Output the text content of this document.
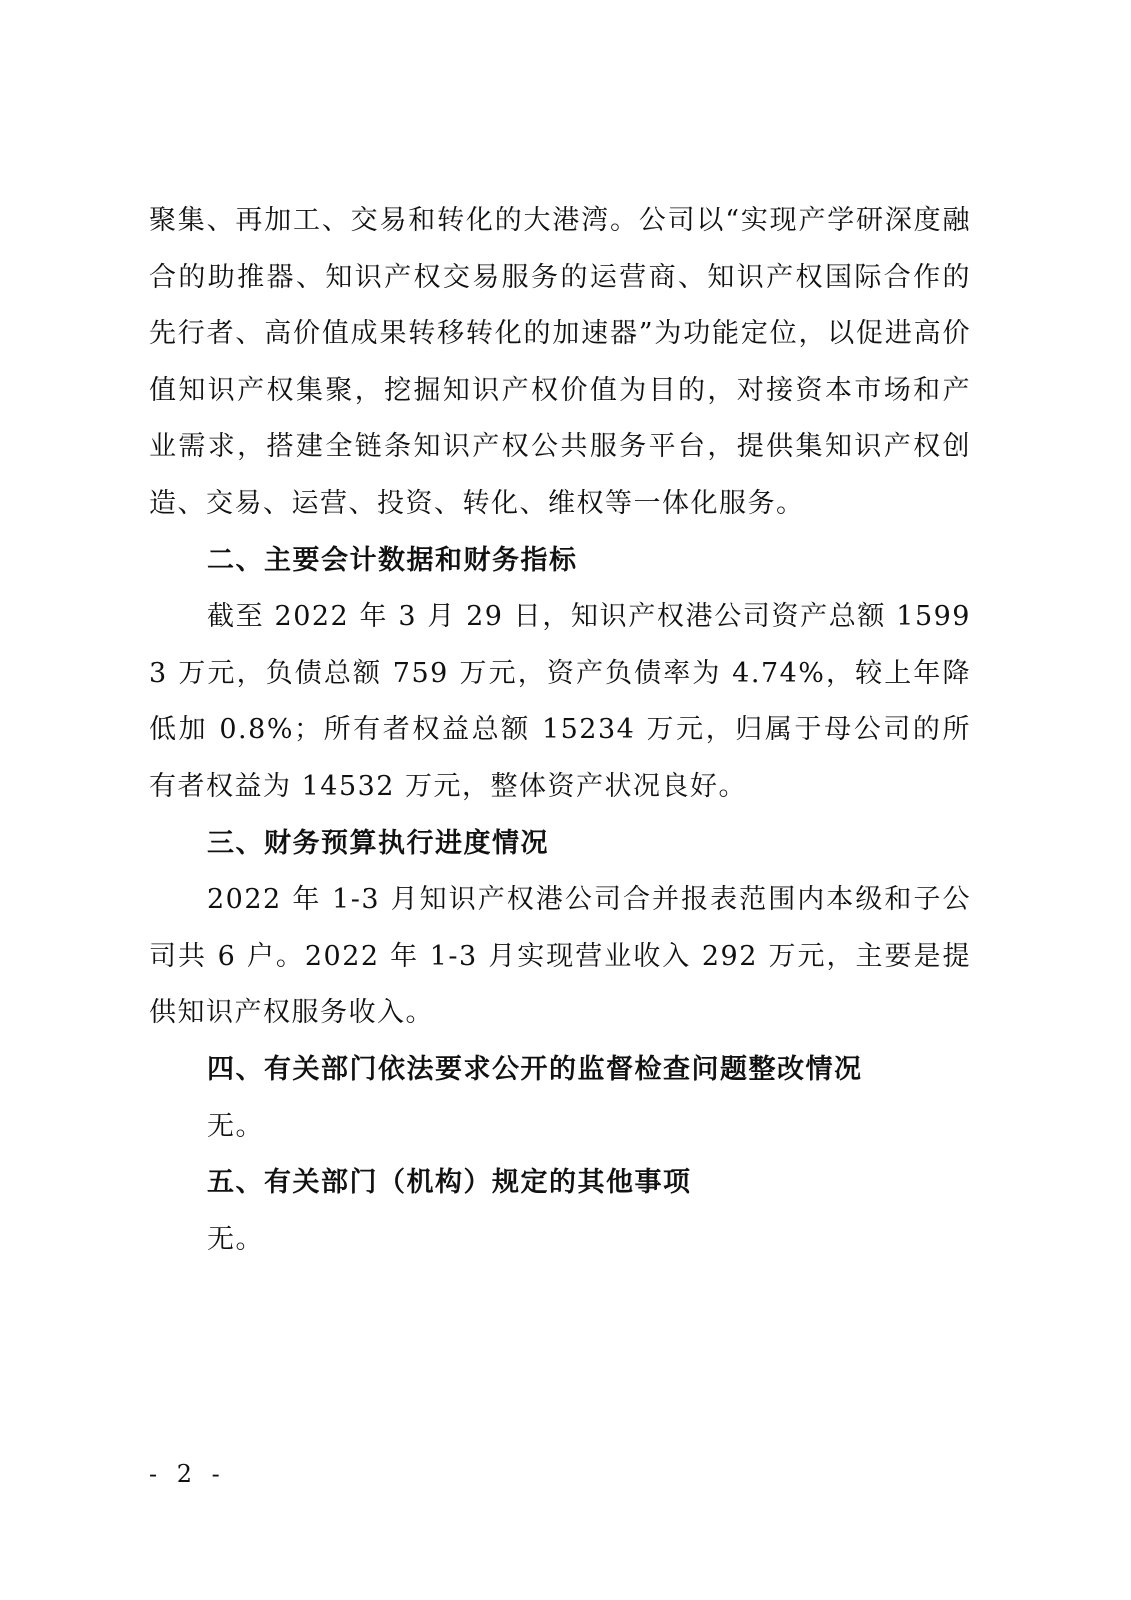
聚集、再加工、交易和转化的大港湾。公司以“实现产学研深度融合的助推器、知识产权交易服务的运营商、知识产权国际合作的先行者、高价值成果转移转化的加速器”为功能定位，以促进高价值知识产权集聚，挖掘知识产权价值为目的，对接资本市场和产业需求，搭建全链条知识产权公共服务平台，提供集知识产权创造、交易、运营、投资、转化、维权等一体化服务。

二、主要会计数据和财务指标

截至 2022 年 3 月 29 日，知识产权港公司资产总额 15993 万元，负债总额 759 万元，资产负债率为 4.74%，较上年降低加 0.8%；所有者权益总额 15234 万元，归属于母公司的所有者权益为 14532 万元，整体资产状况良好。

三、财务预算执行进度情况

2022 年 1-3 月知识产权港公司合并报表范围内本级和子公司共 6 户。2022 年 1-3 月实现营业收入 292 万元，主要是提供知识产权服务收入。

四、有关部门依法要求公开的监督检查问题整改情况

无。

五、有关部门（机构）规定的其他事项

无。

- 2 -
